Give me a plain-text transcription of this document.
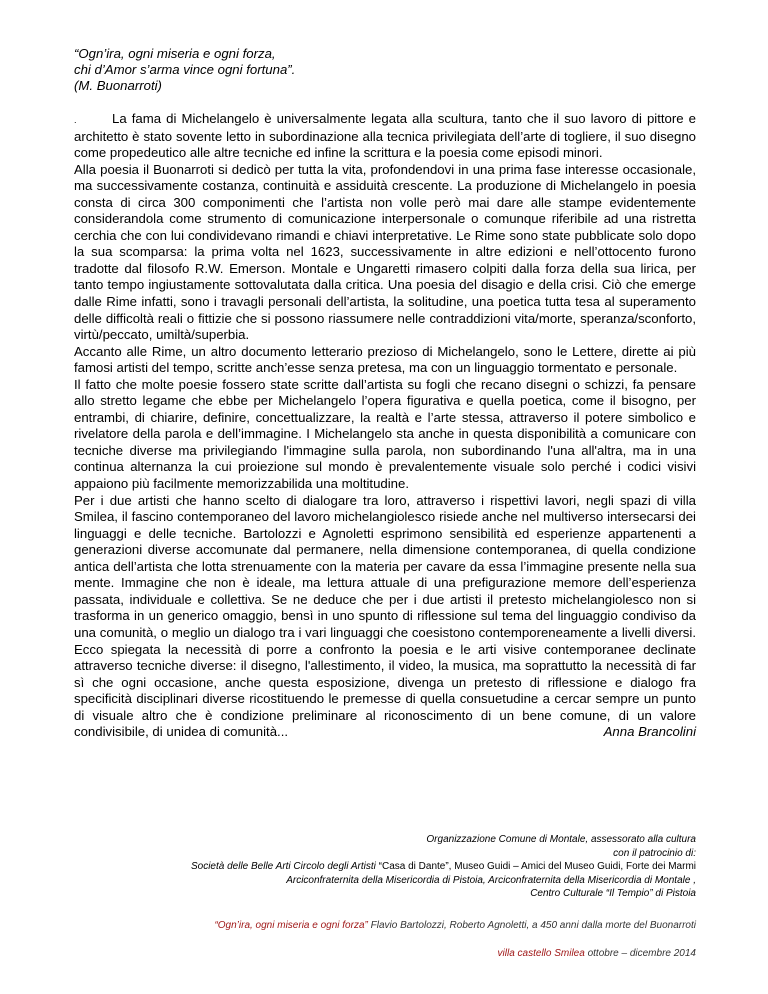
“Ogn’ira, ogni miseria e ogni forza,
chi d’Amor s’arma vince ogni fortuna”.
(M. Buonarroti)

.	La fama di Michelangelo è universalmente legata alla scultura, tanto che il suo lavoro di pittore e architetto è stato sovente letto in subordinazione alla tecnica privilegiata dell’arte di togliere, il suo disegno come propedeutico alle altre tecniche ed infine la scrittura e la poesia come episodi minori.

Alla poesia il Buonarroti si dedicò per tutta la vita, profondendovi in una prima fase interesse occasionale, ma successivamente costanza, continuità e assiduità crescente. La produzione di Michelangelo in poesia consta di circa 300 componimenti che l’artista non volle però mai dare alle stampe evidentemente considerandola come strumento di comunicazione interpersonale o comunque riferibile ad una ristretta cerchia che con lui condividevano rimandi e chiavi interpretative. Le Rime sono state pubblicate solo dopo la sua scomparsa: la prima volta nel 1623, successivamente in altre edizioni e nell’ottocento furono tradotte dal filosofo R.W. Emerson. Montale e Ungaretti rimasero colpiti dalla forza della sua lirica, per tanto tempo ingiustamente sottovalutata dalla critica. Una poesia del disagio e della crisi. Ciò che emerge dalle Rime infatti, sono i travagli personali dell’artista, la solitudine, una poetica tutta tesa al superamento delle difficoltà reali o fittizie che si possono riassumere nelle contraddizioni vita/morte, speranza/sconforto, virtù/peccato, umiltà/superbia.

Accanto alle Rime, un altro documento letterario prezioso di Michelangelo, sono le Lettere, dirette ai più famosi artisti del tempo, scritte anch’esse senza pretesa, ma con un linguaggio tormentato e personale.

Il fatto che molte poesie fossero state scritte dall’artista su fogli che recano disegni o schizzi, fa pensare allo stretto legame che ebbe per Michelangelo l’opera figurativa e quella poetica, come il bisogno, per entrambi, di chiarire, definire, concettualizzare, la realtà e l’arte stessa, attraverso il potere simbolico e rivelatore della parola e dell’immagine. I Michelangelo sta anche in questa disponibilità a comunicare con tecniche diverse ma privilegiando l'immagine sulla parola, non subordinando l'una all'altra, ma in una continua alternanza la cui proiezione sul mondo è prevalentemente visuale solo perché i codici visivi appaiono più facilmente memorizzabilida una moltitudine.

Per i due artisti che hanno scelto di dialogare tra loro, attraverso i rispettivi lavori, negli spazi di villa Smilea, il fascino contemporaneo del lavoro michelangiolesco risiede anche nel multiverso intersecarsi dei linguaggi e delle tecniche. Bartolozzi e Agnoletti esprimono sensibilità ed esperienze appartenenti a generazioni diverse accomunate dal permanere, nella dimensione contemporanea, di quella condizione antica dell’artista che lotta strenuamente con la materia per cavare da essa l’immagine presente nella sua mente. Immagine che non è ideale, ma lettura attuale di una prefigurazione memore dell’esperienza passata, individuale e collettiva. Se ne deduce che per i due artisti il pretesto michelangiolesco non si trasforma in un generico omaggio, bensì in uno spunto di riflessione sul tema del linguaggio condiviso da una comunità, o meglio un dialogo tra i vari linguaggi che coesistono contemporeneamente a livelli diversi. Ecco spiegata la necessità di porre a confronto la poesia e le arti visive contemporanee declinate attraverso tecniche diverse: il disegno, l'allestimento, il video, la musica, ma soprattutto la necessità di far sì che ogni occasione, anche questa esposizione, divenga un pretesto di riflessione e dialogo fra specificità disciplinari diverse ricostituendo le premesse di quella consuetudine a cercar sempre un punto di visuale altro che è condizione preliminare al riconoscimento di un bene comune, di un valore condivisibile, di unidea di comunità...	Anna Brancolini

Organizzazione Comune di Montale, assessorato alla cultura
con il patrocinio di:
Società delle Belle Arti Circolo degli Artisti “Casa di Dante”, Museo Guidi – Amici del Museo Guidi, Forte dei Marmi
Arciconfraternita della Misericordia di Pistoia, Arciconfraternita della Misericordia di Montale ,
Centro Culturale “Il Tempio” di Pistoia
“Ogn’ira, ogni miseria e ogni forza” Flavio Bartolozzi, Roberto Agnoletti, a 450 anni dalla morte del Buonarroti
villa castello Smilea ottobre – dicembre 2014
